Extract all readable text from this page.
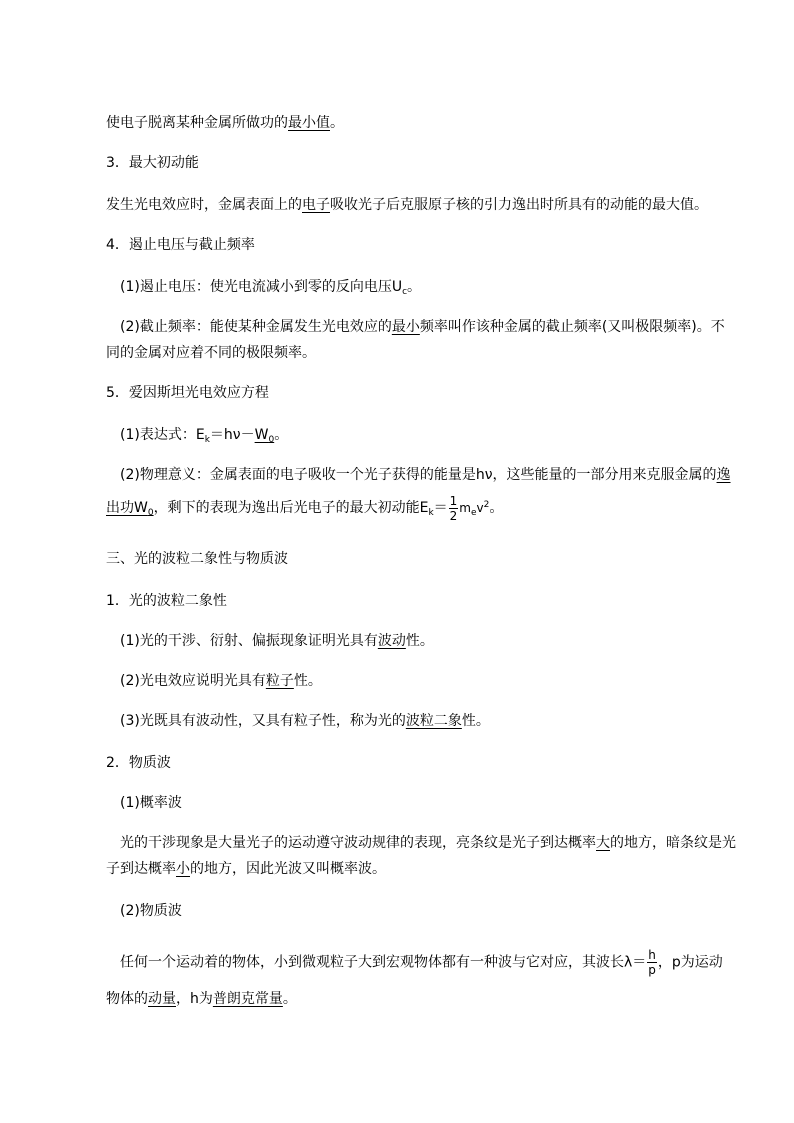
使电子脱离某种金属所做功的最小值。
3．最大初动能
发生光电效应时，金属表面上的电子吸收光子后克服原子核的引力逸出时所具有的动能的最大值。
4．遏止电压与截止频率
(1)遏止电压：使光电流减小到零的反向电压$U_c$。
(2)截止频率：能使某种金属发生光电效应的最小频率叫作该种金属的截止频率(又叫极限频率)。不
同的金属对应着不同的极限频率。
5．爱因斯坦光电效应方程
(1)表达式：$E_k=h\nu-W_0$。
(2)物理意义：金属表面的电子吸收一个光子获得的能量是hν，这些能量的一部分用来克服金属的逸
出功$W_0$，剩下的表现为逸出后光电子的最大初动能$E_k= \frac{1}{2} m_ev^2$。
三、光的波粒二象性与物质波
1．光的波粒二象性
(1)光的干涉、衍射、偏振现象证明光具有波动性。
(2)光电效应说明光具有粒子性。
(3)光既具有波动性，又具有粒子性，称为光的波粒二象性。
2．物质波
(1)概率波
光的干涉现象是大量光子的运动遵守波动规律的表现，亮条纹是光子到达概率大的地方，暗条纹是光
子到达概率小的地方，因此光波又叫概率波。
(2)物质波
任何一个运动着的物体，小到微观粒子大到宏观物体都有一种波与它对应，其波长$\lambda= \frac{h}{p}$ ，p为运动
物体的动量，h为普朗克常量。
